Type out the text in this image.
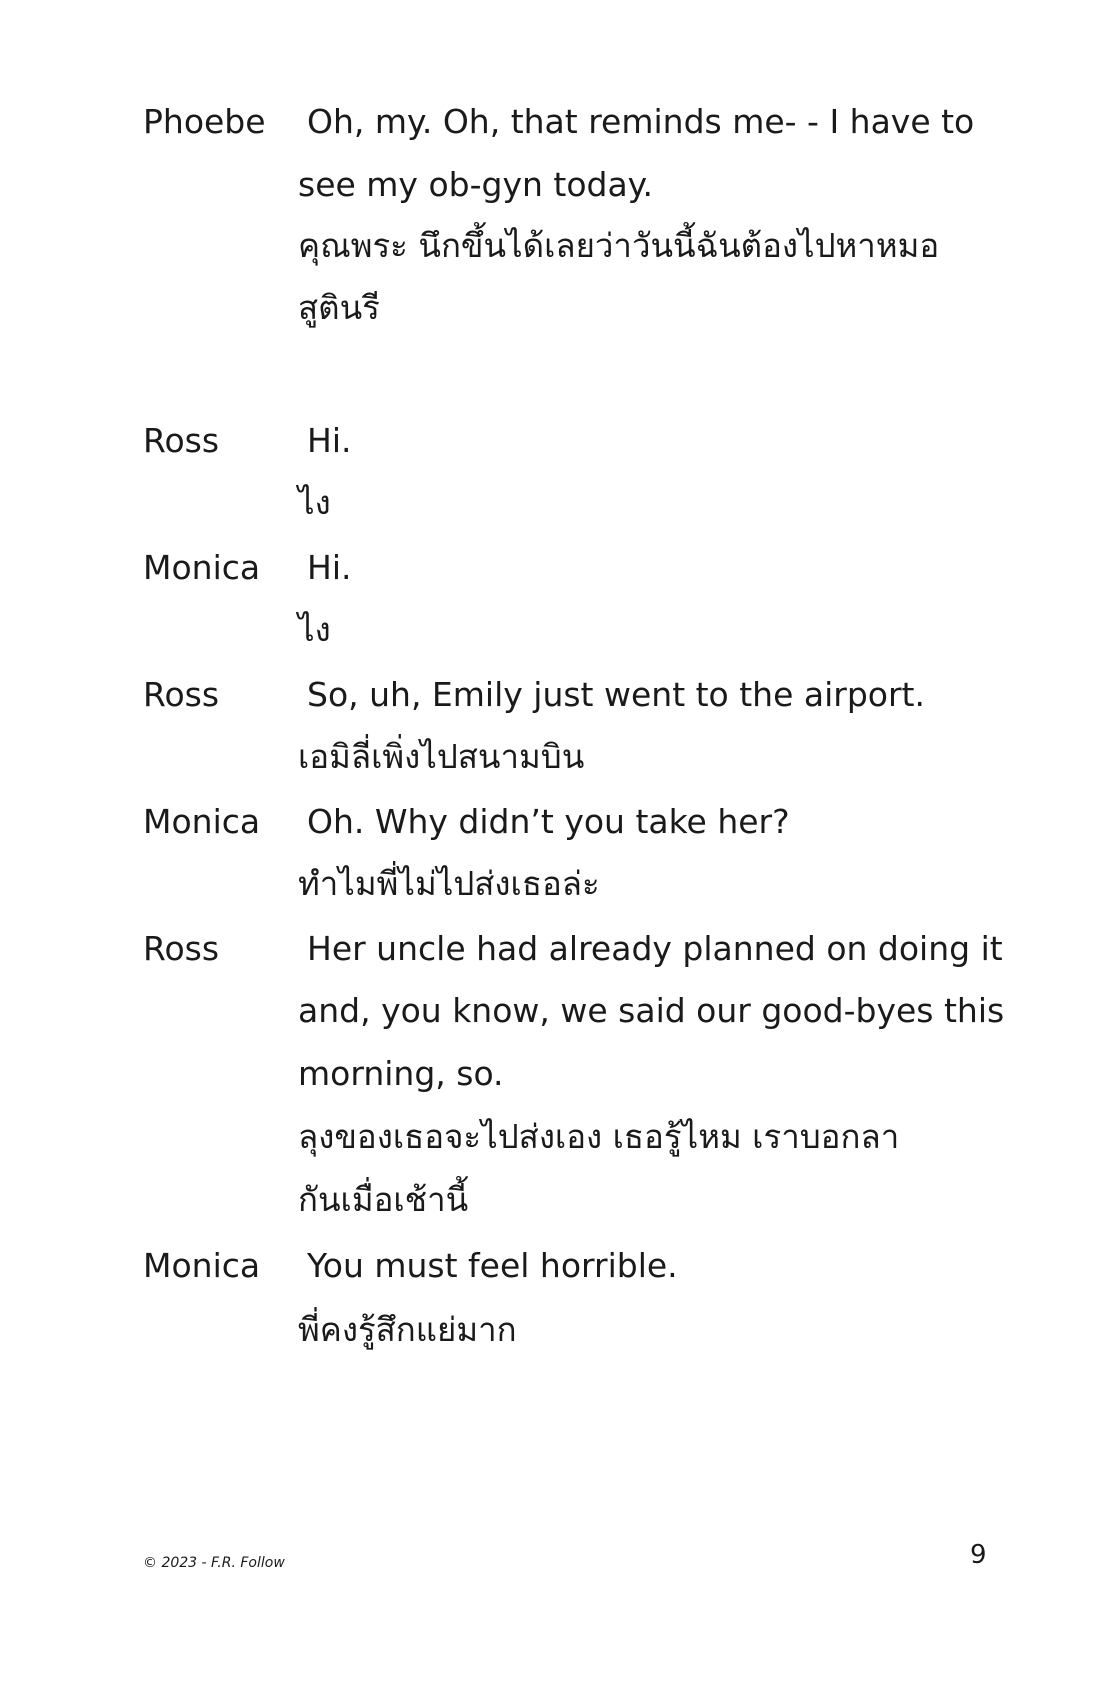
Phoebe Oh, my. Oh, that reminds me- - I have to
see my ob-gyn today.
คุณพระ นึกขึ้นได้เลยว่าวันนี้ฉันต้องไปหาหมอ
สูตินรี
Ross	Hi.
ไง
Monica Hi.
ไง
Ross	So, uh, Emily just went to the airport.
เอมิลี่เพิ่งไปสนามบิน
Monica Oh. Why didn’t you take her?
ทำไมพี่ไม่ไปส่งเธอล่ะ
Ross	Her uncle had already planned on doing it
and, you know, we said our good-byes this
morning, so.
ลุงของเธอจะไปส่งเอง เธอรู้ไหม เราบอกลา
กันเมื่อเช้านี้
Monica You must feel horrible.
พี่คงรู้สึกแย่มาก
© 2023 - F.R. Follow	9
